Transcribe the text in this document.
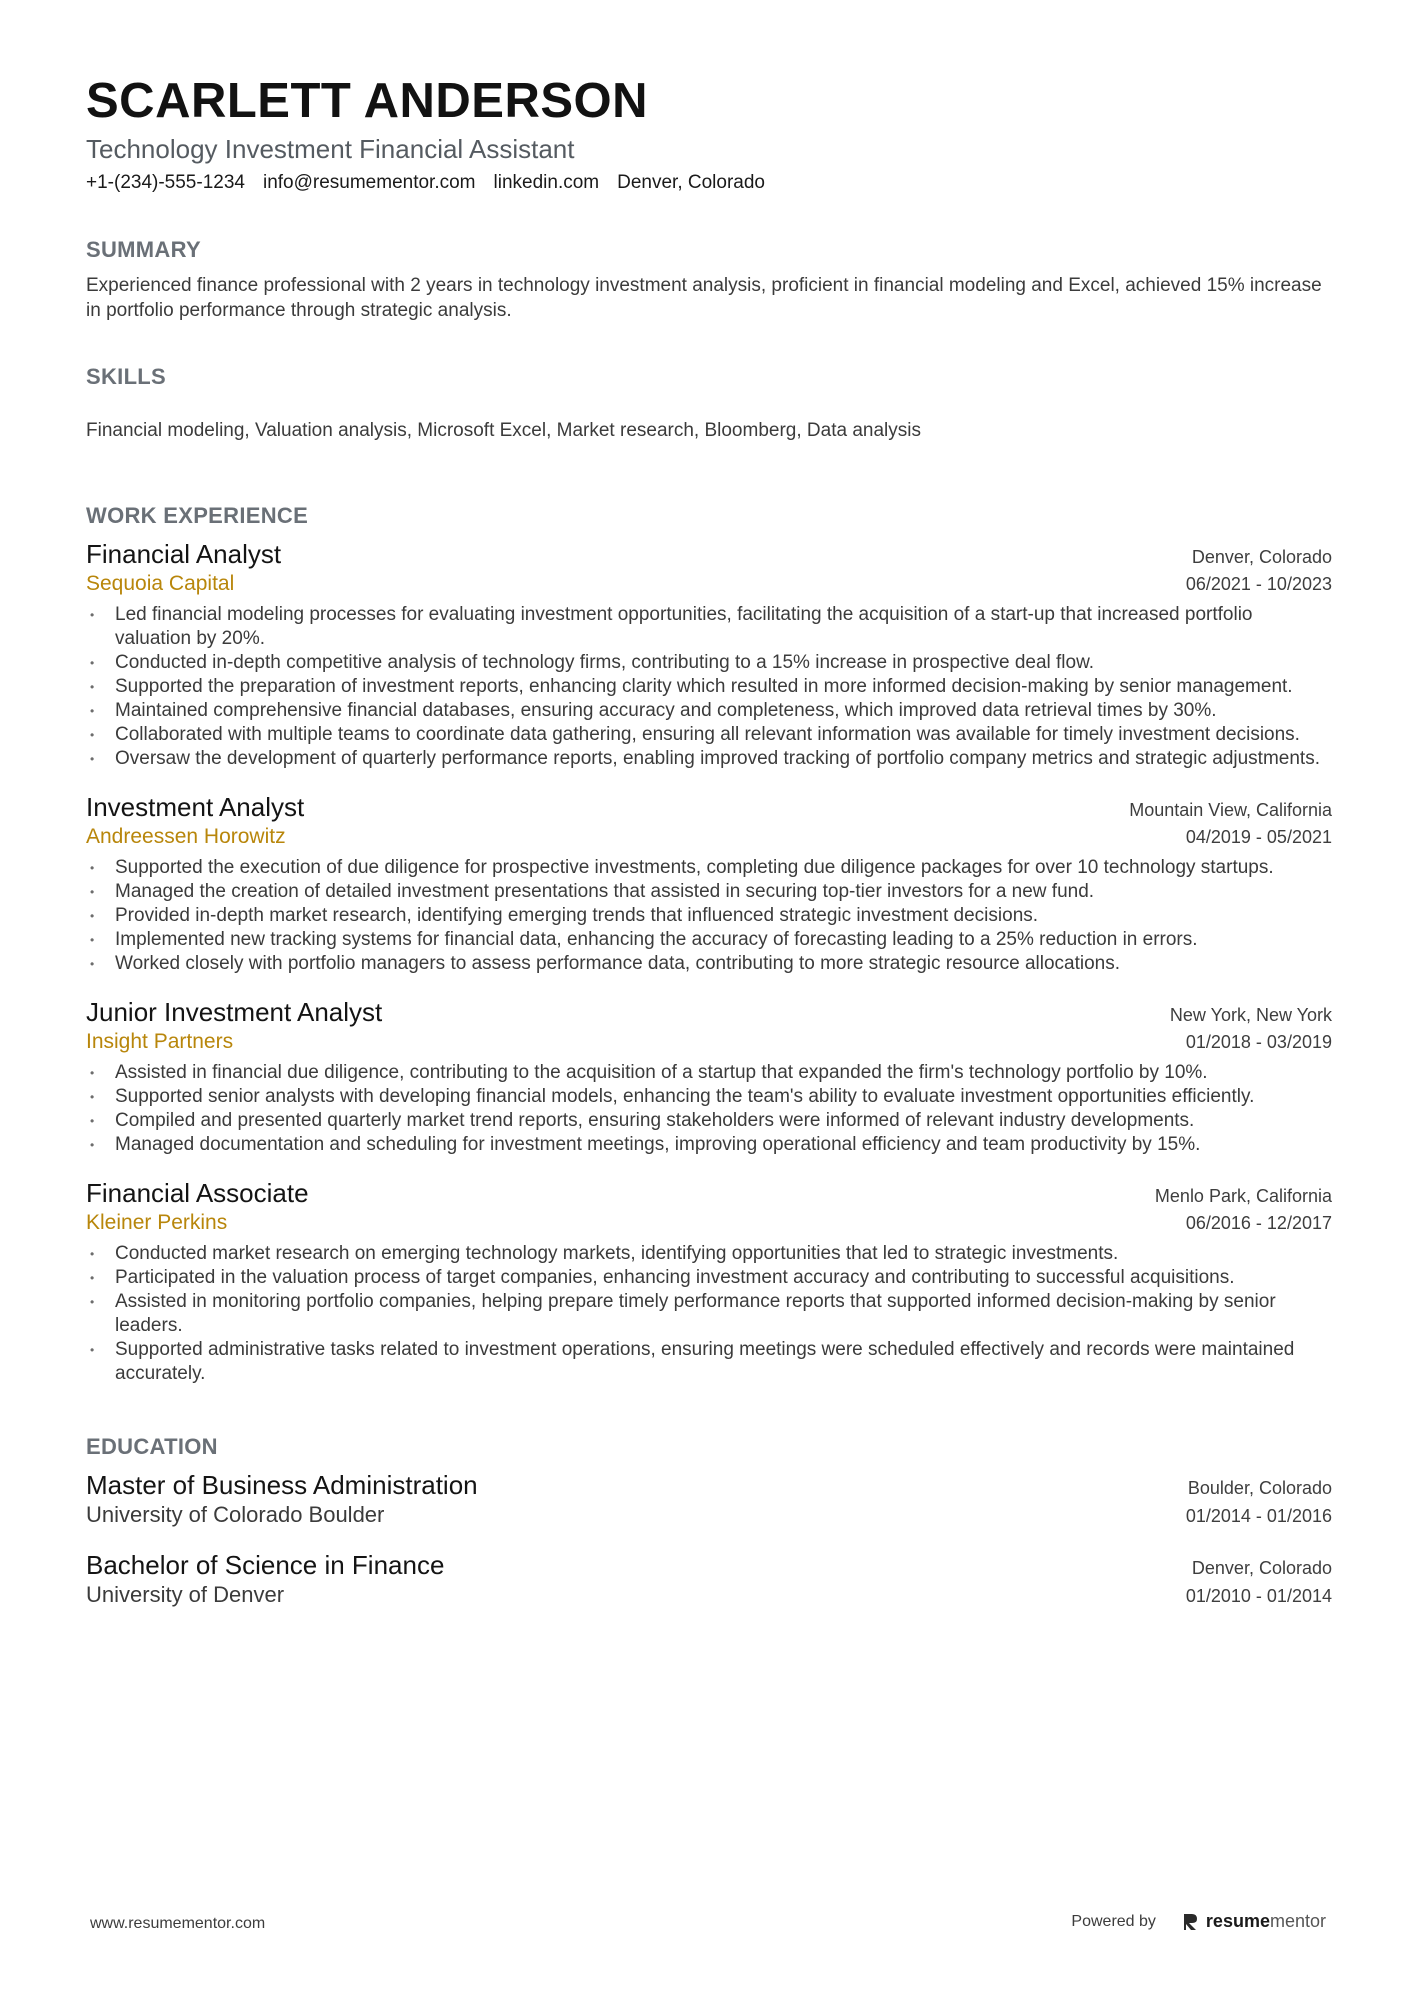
SCARLETT ANDERSON
Technology Investment Financial Assistant
+1-(234)-555-1234 info@resumementor.com linkedin.com Denver, Colorado
SUMMARY
Experienced finance professional with 2 years in technology investment analysis, proficient in financial modeling and Excel, achieved 15% increase in portfolio performance through strategic analysis.
SKILLS
Financial modeling, Valuation analysis, Microsoft Excel, Market research, Bloomberg, Data analysis
WORK EXPERIENCE
Financial Analyst	Denver, Colorado
Sequoia Capital	06/2021 - 10/2023
• Led financial modeling processes for evaluating investment opportunities, facilitating the acquisition of a start-up that increased portfolio valuation by 20%.
• Conducted in-depth competitive analysis of technology firms, contributing to a 15% increase in prospective deal flow.
• Supported the preparation of investment reports, enhancing clarity which resulted in more informed decision-making by senior management.
• Maintained comprehensive financial databases, ensuring accuracy and completeness, which improved data retrieval times by 30%.
• Collaborated with multiple teams to coordinate data gathering, ensuring all relevant information was available for timely investment decisions.
• Oversaw the development of quarterly performance reports, enabling improved tracking of portfolio company metrics and strategic adjustments.
Investment Analyst	Mountain View, California
Andreessen Horowitz	04/2019 - 05/2021
• Supported the execution of due diligence for prospective investments, completing due diligence packages for over 10 technology startups.
• Managed the creation of detailed investment presentations that assisted in securing top-tier investors for a new fund.
• Provided in-depth market research, identifying emerging trends that influenced strategic investment decisions.
• Implemented new tracking systems for financial data, enhancing the accuracy of forecasting leading to a 25% reduction in errors.
• Worked closely with portfolio managers to assess performance data, contributing to more strategic resource allocations.
Junior Investment Analyst	New York, New York
Insight Partners	01/2018 - 03/2019
• Assisted in financial due diligence, contributing to the acquisition of a startup that expanded the firm's technology portfolio by 10%.
• Supported senior analysts with developing financial models, enhancing the team's ability to evaluate investment opportunities efficiently.
• Compiled and presented quarterly market trend reports, ensuring stakeholders were informed of relevant industry developments.
• Managed documentation and scheduling for investment meetings, improving operational efficiency and team productivity by 15%.
Financial Associate	Menlo Park, California
Kleiner Perkins	06/2016 - 12/2017
• Conducted market research on emerging technology markets, identifying opportunities that led to strategic investments.
• Participated in the valuation process of target companies, enhancing investment accuracy and contributing to successful acquisitions.
• Assisted in monitoring portfolio companies, helping prepare timely performance reports that supported informed decision-making by senior leaders.
• Supported administrative tasks related to investment operations, ensuring meetings were scheduled effectively and records were maintained accurately.
EDUCATION
Master of Business Administration	Boulder, Colorado
University of Colorado Boulder	01/2014 - 01/2016
Bachelor of Science in Finance	Denver, Colorado
University of Denver	01/2010 - 01/2014
www.resumementor.com	Powered by	resumementor
